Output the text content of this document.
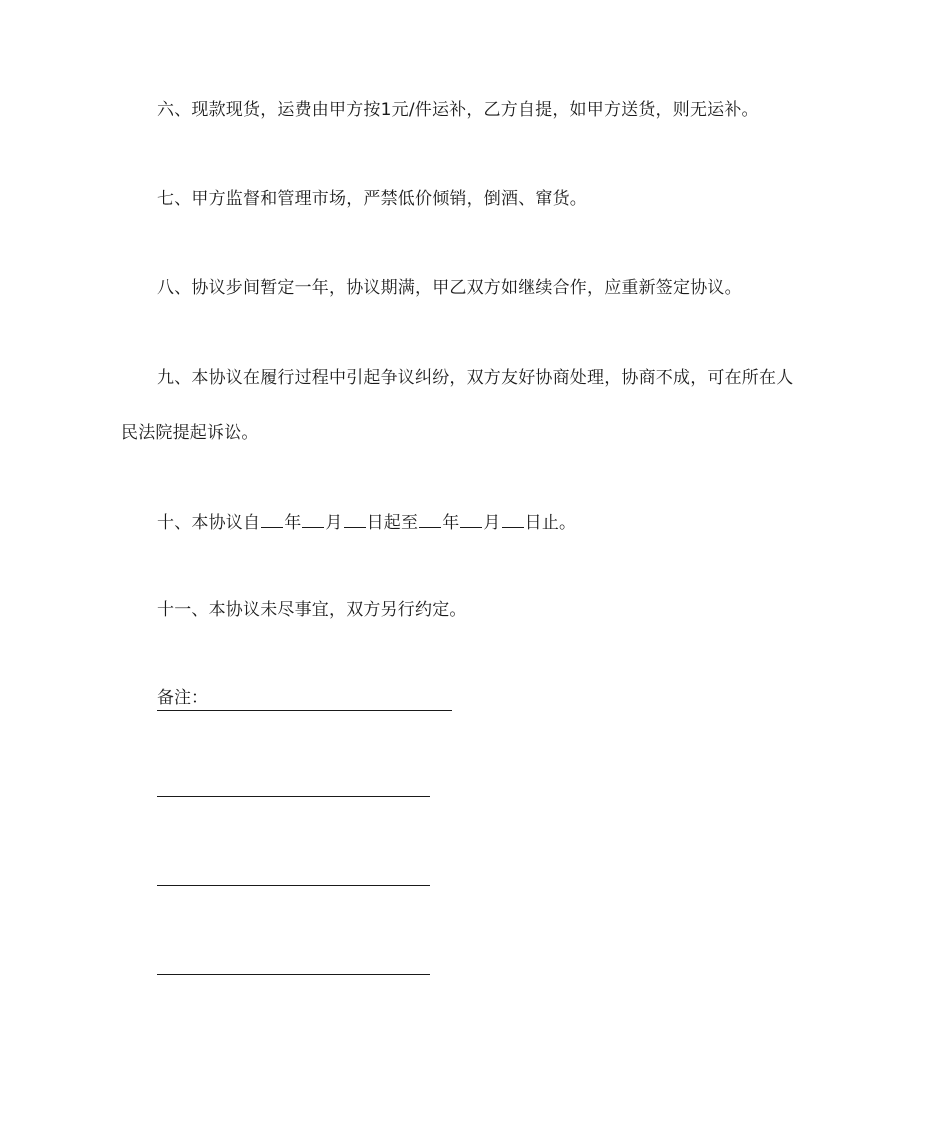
六、现款现货，运费由甲方按1元/件运补，乙方自提，如甲方送货，则无运补。
七、甲方监督和管理市场，严禁低价倾销，倒酒、窜货。
八、协议步间暂定一年，协议期满，甲乙双方如继续合作，应重新签定协议。
九、本协议在履行过程中引起争议纠纷，双方友好协商处理，协商不成，可在所在人
民法院提起诉讼。
十、本协议自 年 月 日起至 年 月 日止。
十一、本协议未尽事宜，双方另行约定。
备注：
